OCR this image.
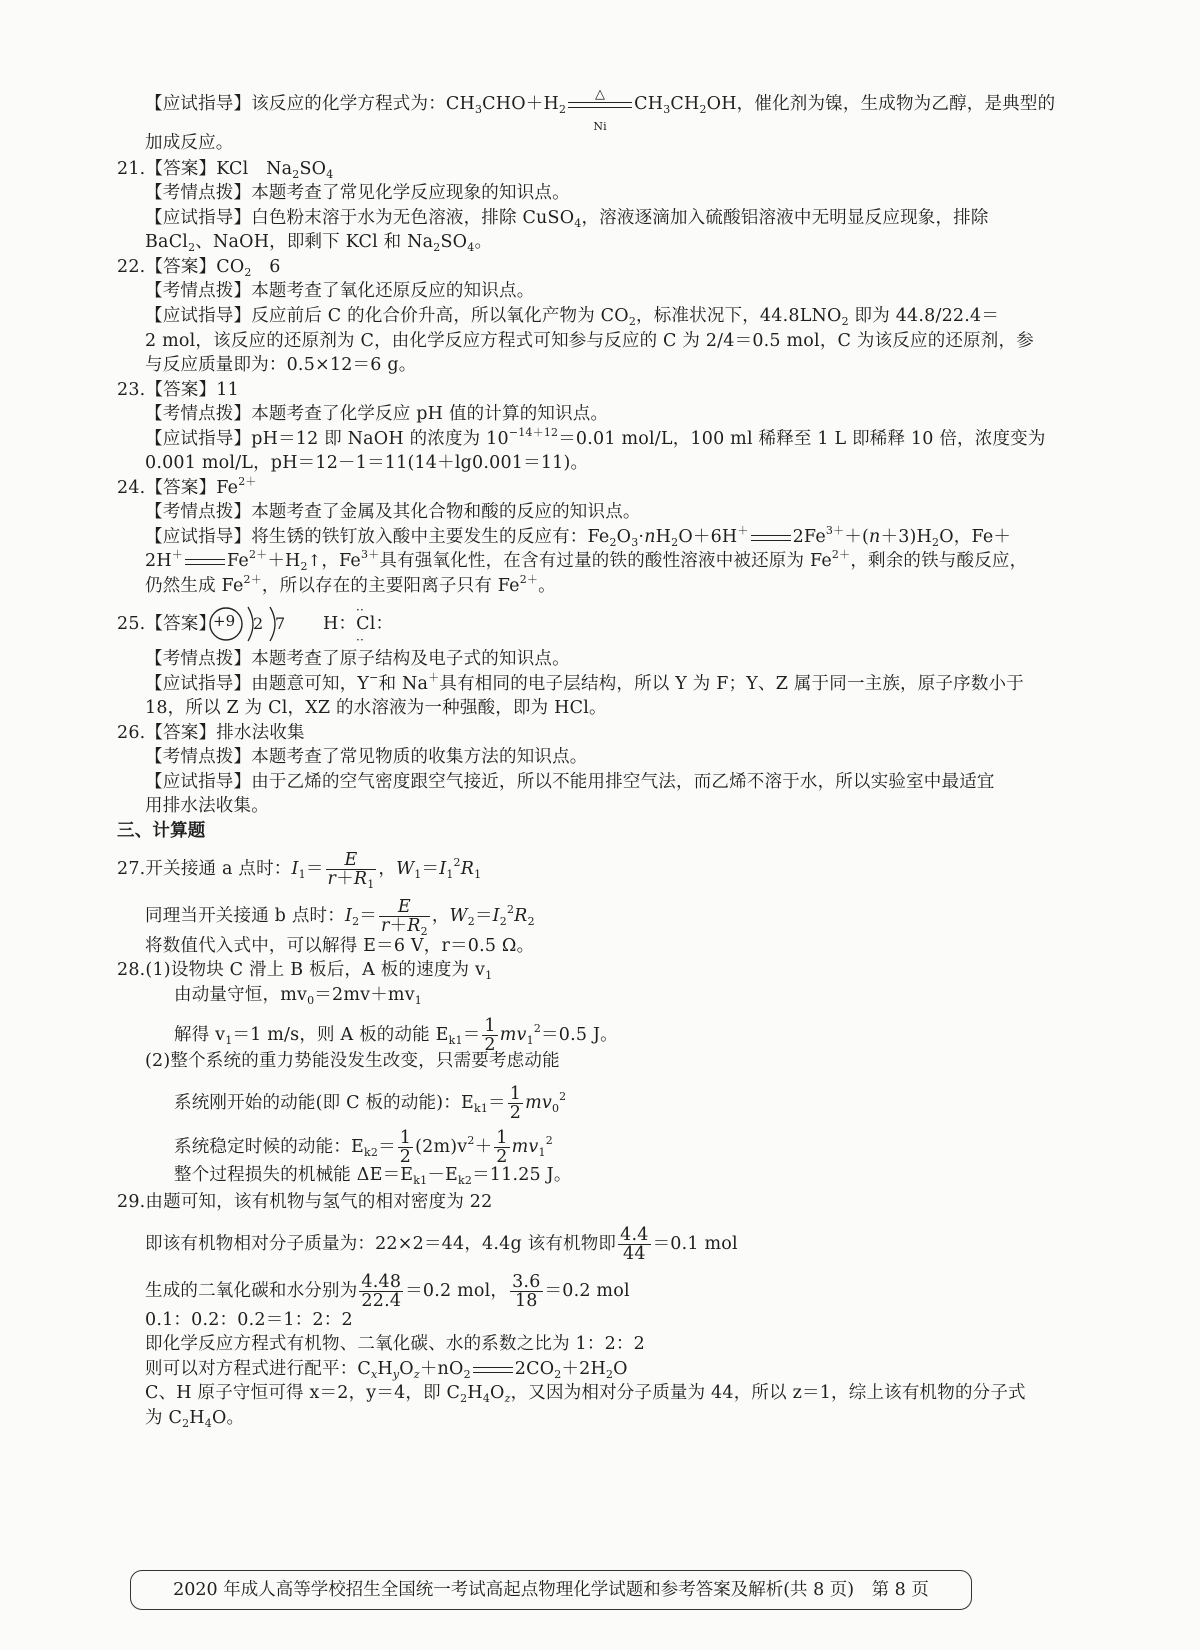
【应试指导】该反应的化学方程式为：$CH_3CHO+H_2$
△
Ni
$CH_3CH_2OH$，催化剂为镍，生成物为乙醇，是典型的
加成反应。
21.【答案】KCl　$Na_2SO_4$
【考情点拨】本题考查了常见化学反应现象的知识点。
【应试指导】白色粉末溶于水为无色溶液，排除 CuSO$_4$，溶液逐滴加入硫酸铝溶液中无明显反应现象，排除
BaCl$_2$、NaOH，即剩下 KCl 和 $Na_2SO_4$。
22.【答案】$CO_2$　6
【考情点拨】本题考查了氧化还原反应的知识点。
【应试指导】反应前后 C 的化合价升高，所以氧化产物为 $CO_2$，标准状况下，$44.8LNO_2$ 即为 44.8/22.4＝
2 mol，该反应的还原剂为 C，由化学反应方程式可知参与反应的 C 为 2/4＝0.5 mol，C 为该反应的还原剂，参
与反应质量即为：0.5×12＝6 g。
23.【答案】11
【考情点拨】本题考查了化学反应 pH 值的计算的知识点。
【应试指导】pH＝12 即 NaOH 的浓度为 $10^{-14+12}=0.01$ mol/L，100 ml 稀释至 1 L 即稀释 10 倍，浓度变为
0.001 mol/L，pH＝12－1＝11(14＋lg0.001＝11)。
24.【答案】$Fe^{2+}$
【考情点拨】本题考查了金属及其化合物和酸的反应的知识点。
【应试指导】将生锈的铁钉放入酸中主要发生的反应有：$Fe_2O_3\cdot nH_2O+6H^+$	$2Fe^{3+}+(n+3)H_2O$，Fe＋
2H＋	$Fe^{2+}+H_2↑$，$Fe^{3+}$具有强氧化性，在含有过量的铁的酸性溶液中被还原为 $Fe^{2+}$，剩余的铁与酸反应，
仍然生成 $Fe^{2+}$，所以存在的主要阳离子只有 $Fe^{2+}$。
25.【答案】
+9 2 7 H：Cl：
··
··
【考情点拨】本题考查了原子结构及电子式的知识点。
【应试指导】由题意可知，Y−和 Na＋具有相同的电子层结构，所以 Y 为 F；Y、Z 属于同一主族，原子序数小于
18，所以 Z 为 Cl，XZ 的水溶液为一种强酸，即为 HCl。
26.【答案】排水法收集
【考情点拨】本题考查了常见物质的收集方法的知识点。
【应试指导】由于乙烯的空气密度跟空气接近，所以不能用排空气法，而乙烯不溶于水，所以实验室中最适宜
用排水法收集。
三、计算题
27.开关接通 a 点时：$I_1= \frac{E}{r+R_1}$ ，$W_1=I_1^2R_1$
同理当开关接通 b 点时：$I_2= \frac{E}{r+R_2}$ ，$W_2=I_2^2R_2$
将数值代入式中，可以解得 E＝6 V，r＝0.5 Ω。
28.(1)设物块 C 滑上 B 板后，A 板的速度为 $v_1$
由动量守恒，$mv_0=2mv+mv_1$
解得 $v_1=1$ m/s，则 A 板的动能 $E_{k1}= \frac{1}{2} mv_1^2=0.5$ J。
(2)整个系统的重力势能没发生改变，只需要考虑动能
系统刚开始的动能(即 C 板的动能)：$E_{k1}= \frac{1}{2} mv_0^2$
系统稳定时候的动能：$E_{k2}= \frac{1}{2} (2m)v^2+ \frac{1}{2} mv_1^2$
整个过程损失的机械能 $\Delta E=E_{k1}-E_{k2}=11.25$ J。
29.由题可知，该有机物与氢气的相对密度为 22
即该有机物相对分子质量为：22×2＝44，4.4g 该有机物即 $\frac{4.4}{44} =0.1$ mol
生成的二氧化碳和水分别为 $\frac{4.48}{22.4} =0.2$ mol， $\frac{3.6}{18} =0.2$ mol
0.1：0.2：0.2＝1：2：2
即化学反应方程式有机物、二氧化碳、水的系数之比为 1：2：2
则可以对方程式进行配平：$C_xH_yO_z+nO_2$	$2CO_2+2H_2O$
C、H 原子守恒可得 x＝2，y＝4，即 $C_2H_4O_z$，又因为相对分子质量为 44，所以 z＝1，综上该有机物的分子式
为 $C_2H_4O$。
2020 年成人高等学校招生全国统一考试高起点物理化学试题和参考答案及解析(共 8 页)　第 8 页
